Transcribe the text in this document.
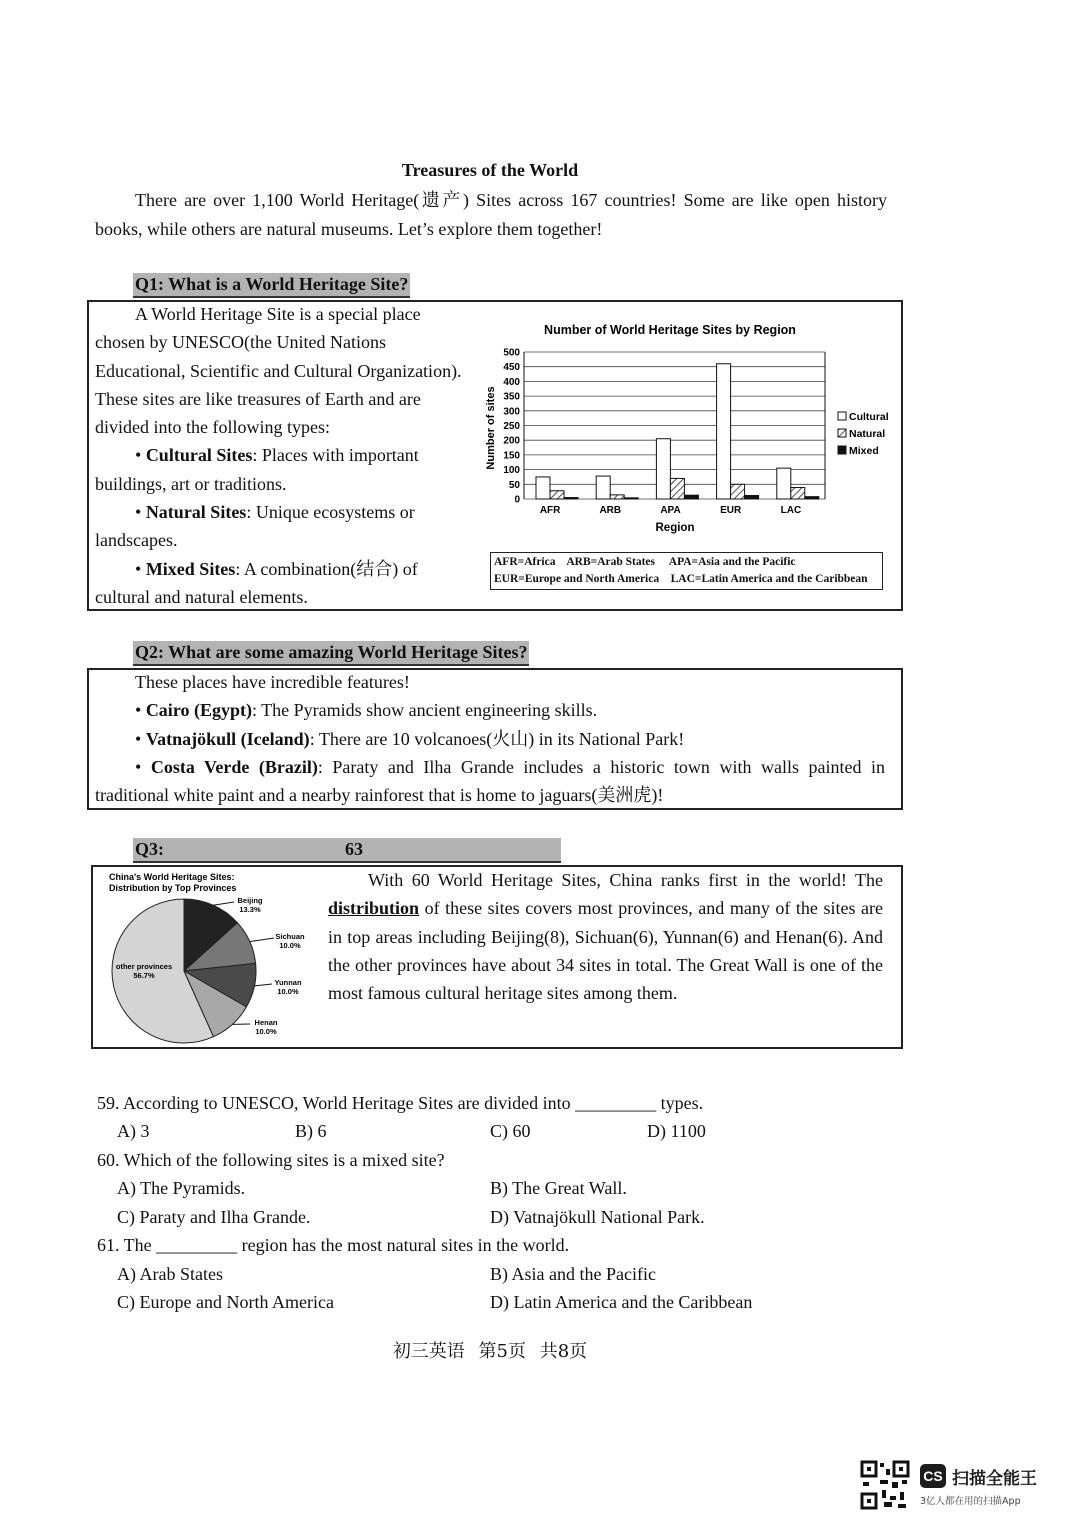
Treasures of the World
There are over 1,100 World Heritage(遗产) Sites across 167 countries! Some are like open history books, while others are natural museums. Let’s explore them together!
Q1: What is a World Heritage Site?

A World Heritage Site is a special place chosen by UNESCO(the United Nations Educational, Scientific and Cultural Organization). These sites are like treasures of Earth and are divided into the following types:

• Cultural Sites: Places with important buildings, art or traditions.

• Natural Sites: Unique ecosystems or landscapes.

• Mixed Sites: A combination(结合) of cultural and natural elements.

Number of World Heritage Sites by Region
0
50
100
150
200
250
300
350
400
450
500
AFR	ARB	APA	EUR	LAC
Number of sites
Region
Cultural
Natural
Mixed
AFR=Africa ARB=Arab States APA=Asia and the Pacific
EUR=Europe and North America LAC=Latin America and the Caribbean
Q2: What are some amazing World Heritage Sites?

These places have incredible features!

• Cairo (Egypt): The Pyramids show ancient engineering skills.

• Vatnajökull (Iceland): There are 10 volcanoes(火山) in its National Park!

• Costa Verde (Brazil): Paraty and Ilha Grande includes a historic town with walls painted in traditional white paint and a nearby rainforest that is home to jaguars(美洲虎)!

Q3:	63

With 60 World Heritage Sites, China ranks first in the world! The distribution of these sites covers most provinces, and many of the sites are in top areas including Beijing(8), Sichuan(6), Yunnan(6) and Henan(6). And the other provinces have about 34 sites in total. The Great Wall is one of the most famous cultural heritage sites among them.

China's World Heritage Sites:
Distribution by Top Provinces
Beijing
13.3%
Sichuan
10.0%
Yunnan
10.0%
Henan
10.0%
other provinces
56.7%
59. According to UNESCO, World Heritage Sites are divided into _________ types.
A) 3	B) 6	C) 60	D) 1100
60. Which of the following sites is a mixed site?
A) The Pyramids.	B) The Great Wall.
C) Paraty and Ilha Grande.	D) Vatnajökull National Park.
61. The _________ region has the most natural sites in the world.
A) Arab States	B) Asia and the Pacific
C) Europe and North America	D) Latin America and the Caribbean
初三英语 第5页 共8页
CS 扫描全能王
3亿人都在用的扫描App
